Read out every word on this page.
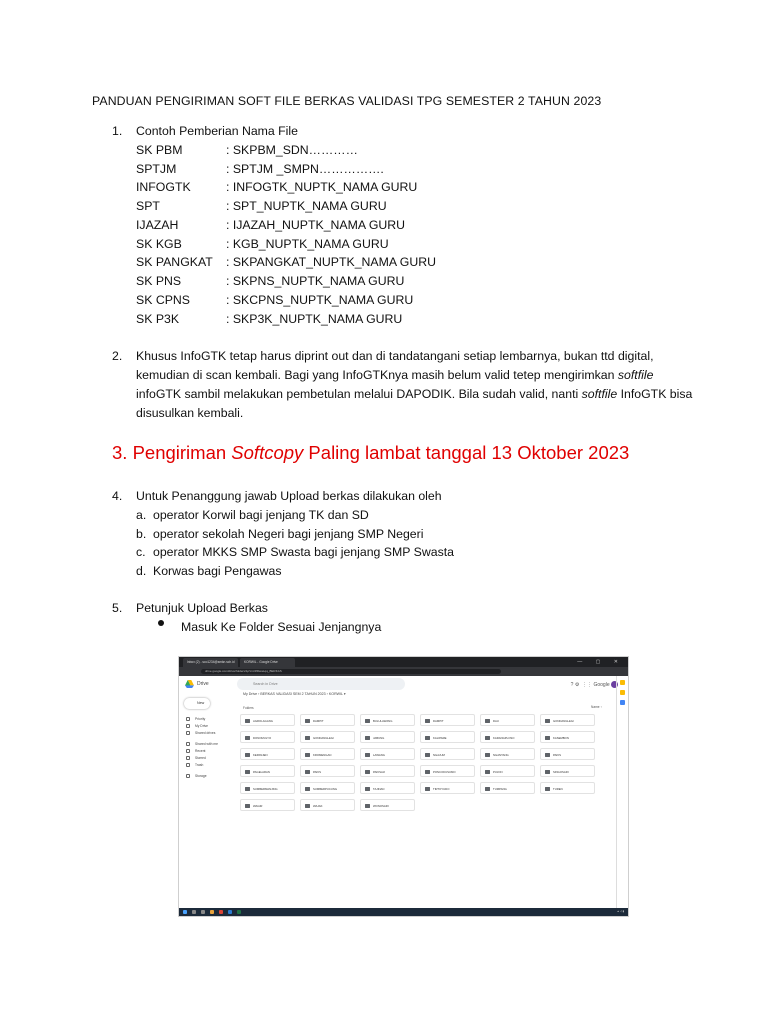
PANDUAN PENGIRIMAN SOFT FILE BERKAS VALIDASI TPG SEMESTER 2 TAHUN 2023
1. Contoh Pemberian Nama File
SK PBM	: SKPBM_SDN…………
SPTJM	: SPTJM _SMPN…………….
INFOGTK	: INFOGTK_NUPTK_NAMA GURU
SPT	: SPT_NUPTK_NAMA GURU
IJAZAH	: IJAZAH_NUPTK_NAMA GURU
SK KGB	: KGB_NUPTK_NAMA GURU
SK PANGKAT : SKPANGKAT_NUPTK_NAMA GURU
SK PNS	: SKPNS_NUPTK_NAMA GURU
SK CPNS	: SKCPNS_NUPTK_NAMA GURU
SK P3K	: SKP3K_NUPTK_NAMA GURU
2. Khusus InfoGTK tetap harus diprint out dan di tandatangani setiap lembarnya, bukan ttd digital, kemudian di scan kembali. Bagi yang InfoGTKnya masih belum valid tetep mengirimkan softfile infoGTK sambil melakukan pembetulan melalui DAPODIK. Bila sudah valid, nanti softfile InfoGTK bisa disusulkan kembali.
3. Pengiriman Softcopy Paling lambat tanggal 13 Oktober 2023
4. Untuk Penanggung jawab Upload berkas dilakukan oleh
a. operator Korwil bagi jenjang TK dan SD
b. operator sekolah Negeri bagi jenjang SMP Negeri
c. operator MKKS SMP Swasta bagi jenjang SMP Swasta
d. Korwas bagi Pengawas
5. Petunjuk Upload Berkas
Masuk Ke Folder Sesuai Jenjangnya
Inbox (2) - sco1234@smkn.sch.id	KORWIL - Google Drive	— ▢ ✕
drive.google.com/drive/folders/1pVnJ4fRwaLqq_BERKAS
Drive	Search in Drive	? ⚙ ⋮⋮ Google
New
Priority
My Drive
Shared drives
Shared with me
Recent
Starred
Trash
Storage
My Drive › BERKAS VALIDASI SEM 2 TAHUN 2023 › KORWIL ▾
Folders	Name ↑
AGROLAGANG	DAMPIT	BULULAWANG	DAMPIT	DAU	GONDANGLEGI
DONOMULYO	GONDANGLEGI	JABUNG	KALIPARE	KARANGPLOSO	KASEMBON
KEPANJEN	KROMENGAN	LAWANG	NGAJUM	NGANTANG	PAKIS
PAGELARAN	PAKIS	PAKISAJI	PONCOKUSUMO	PUJON	SINGOSARI
SUMBERMANJING	SUMBERPUCUNG	TAJINAN	TIRTOYUDO	TUMPANG	TUREN
WAGIR	WAJAK	WONOSARI
▲ ◁ ▮
